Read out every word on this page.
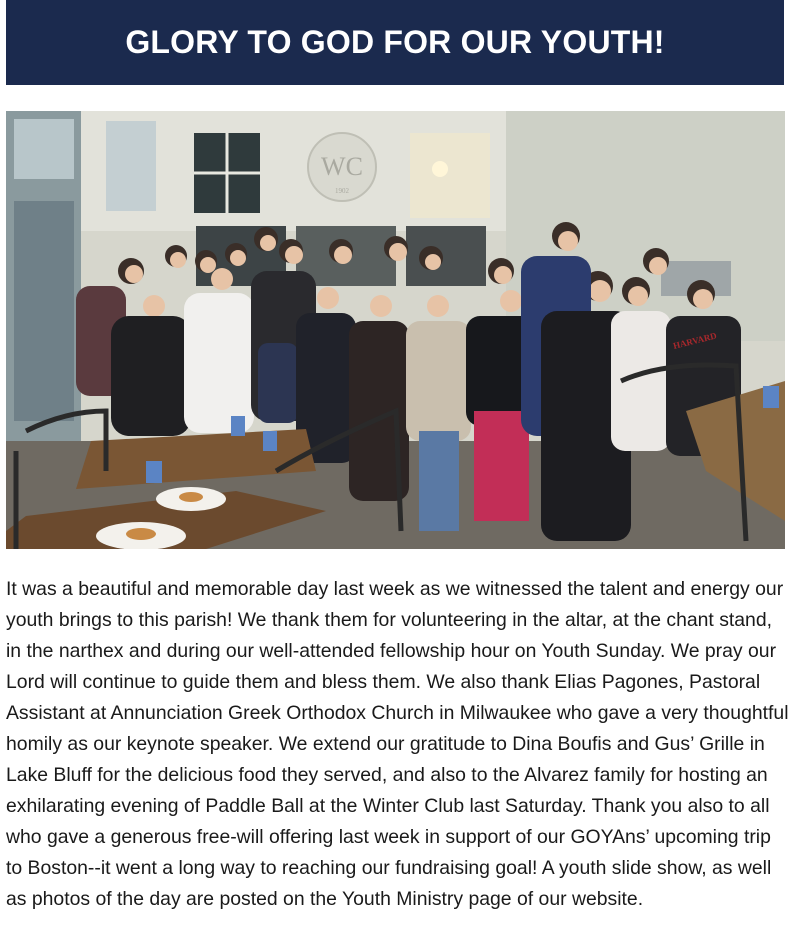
GLORY TO GOD FOR OUR YOUTH!
WC
1902
HARVARD

It was a beautiful and memorable day last week as we witnessed the talent and energy our youth brings to this parish! We thank them for volunteering in the altar, at the chant stand, in the narthex and during our well-attended fellowship hour on Youth Sunday. We pray our Lord will continue to guide them and bless them. We also thank Elias Pagones, Pastoral Assistant at Annunciation Greek Orthodox Church in Milwaukee who gave a very thoughtful homily as our keynote speaker. We extend our gratitude to Dina Boufis and Gus’ Grille in Lake Bluff for the delicious food they served, and also to the Alvarez family for hosting an exhilarating evening of Paddle Ball at the Winter Club last Saturday. Thank you also to all who gave a generous free-will offering last week in support of our GOYAns’ upcoming trip to Boston--it went a long way to reaching our fundraising goal! A youth slide show, as well as photos of the day are posted on the Youth Ministry page of our website.
